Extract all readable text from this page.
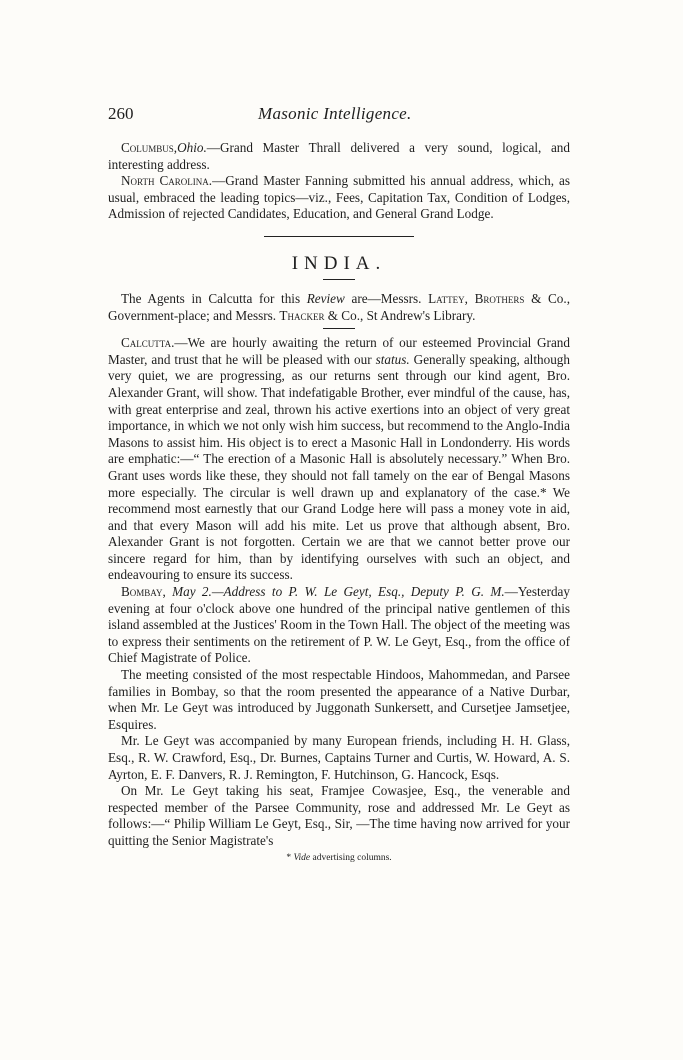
260	Masonic Intelligence.

Columbus,Ohio.—Grand Master Thrall delivered a very sound, logical, and interesting address.

North Carolina.—Grand Master Fanning submitted his annual address, which, as usual, embraced the leading topics—viz., Fees, Capitation Tax, Condition of Lodges, Admission of rejected Candidates, Education, and General Grand Lodge.

INDIA.

The Agents in Calcutta for this Review are—Messrs. Lattey, Brothers & Co., Government-place; and Messrs. Thacker & Co., St Andrew's Library.

Calcutta.—We are hourly awaiting the return of our esteemed Provincial Grand Master, and trust that he will be pleased with our status. Generally speaking, although very quiet, we are progressing, as our returns sent through our kind agent, Bro. Alexander Grant, will show. That indefatigable Brother, ever mindful of the cause, has, with great enterprise and zeal, thrown his active exertions into an object of very great importance, in which we not only wish him success, but recommend to the Anglo-India Masons to assist him. His object is to erect a Masonic Hall in Londonderry. His words are emphatic:—“ The erection of a Masonic Hall is absolutely necessary.” When Bro. Grant uses words like these, they should not fall tamely on the ear of Bengal Masons more especially. The circular is well drawn up and explanatory of the case.* We recommend most earnestly that our Grand Lodge here will pass a money vote in aid, and that every Mason will add his mite. Let us prove that although absent, Bro. Alexander Grant is not forgotten. Certain we are that we cannot better prove our sincere regard for him, than by identifying ourselves with such an object, and endeavouring to ensure its success.

Bombay, May 2.—Address to P. W. Le Geyt, Esq., Deputy P. G. M.—Yesterday evening at four o'clock above one hundred of the principal native gentlemen of this island assembled at the Justices' Room in the Town Hall. The object of the meeting was to express their sentiments on the retirement of P. W. Le Geyt, Esq., from the office of Chief Magistrate of Police.

The meeting consisted of the most respectable Hindoos, Mahommedan, and Parsee families in Bombay, so that the room presented the appearance of a Native Durbar, when Mr. Le Geyt was introduced by Juggonath Sunkersett, and Cursetjee Jamsetjee, Esquires.

Mr. Le Geyt was accompanied by many European friends, including H. H. Glass, Esq., R. W. Crawford, Esq., Dr. Burnes, Captains Turner and Curtis, W. Howard, A. S. Ayrton, E. F. Danvers, R. J. Remington, F. Hutchinson, G. Hancock, Esqs.

On Mr. Le Geyt taking his seat, Framjee Cowasjee, Esq., the venerable and respected member of the Parsee Community, rose and addressed Mr. Le Geyt as follows:—“ Philip William Le Geyt, Esq., Sir, —The time having now arrived for your quitting the Senior Magistrate's

* Vide advertising columns.
